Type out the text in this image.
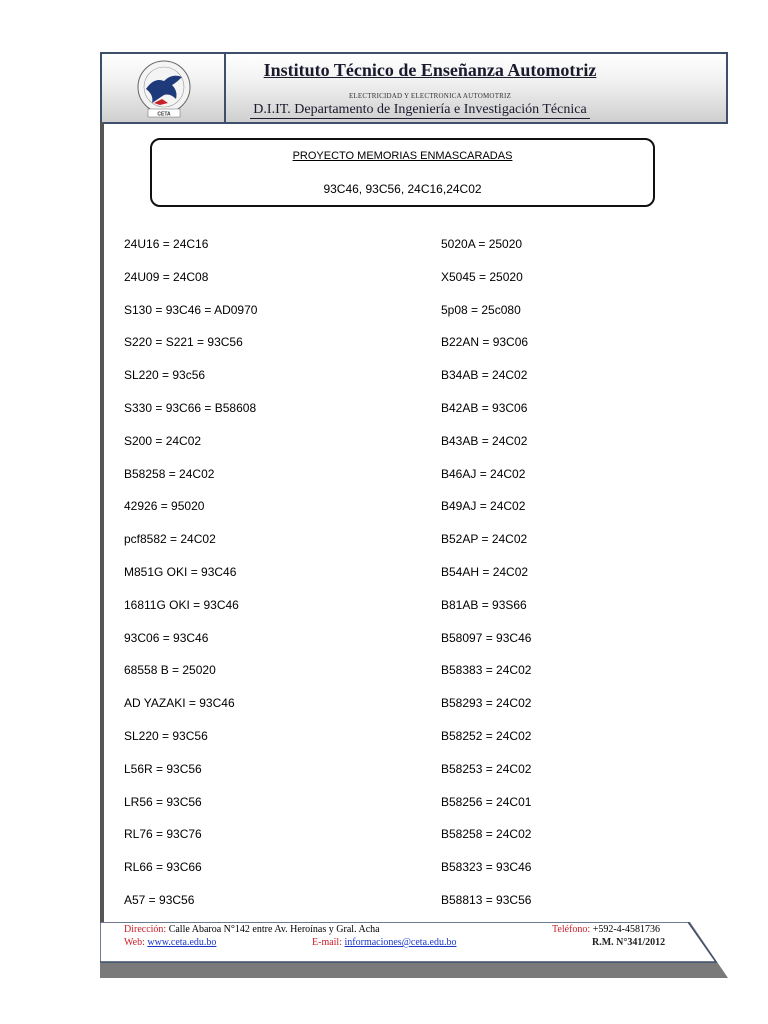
CETA
Instituto Técnico de Enseñanza Automotriz
ELECTRICIDAD Y ELECTRONICA AUTOMOTRIZ
D.I.IT. Departamento de Ingeniería e Investigación Técnica
PROYECTO MEMORIAS ENMASCARADAS
93C46, 93C56, 24C16,24C02
24U16 = 24C16
24U09 = 24C08
S130 = 93C46 = AD0970
S220 = S221 = 93C56
SL220 = 93c56
S330 = 93C66 = B58608
S200 = 24C02
B58258 = 24C02
42926 = 95020
pcf8582 = 24C02
M851G OKI = 93C46
16811G OKI = 93C46
93C06 = 93C46
68558 B = 25020
AD YAZAKI = 93C46
SL220 = 93C56
L56R = 93C56
LR56 = 93C56
RL76 = 93C76
RL66 = 93C66
A57 = 93C56
5020A = 25020
X5045 = 25020
5p08 = 25c080
B22AN = 93C06
B34AB = 24C02
B42AB = 93C06
B43AB = 24C02
B46AJ = 24C02
B49AJ = 24C02
B52AP = 24C02
B54AH = 24C02
B81AB = 93S66
B58097 = 93C46
B58383 = 24C02
B58293 = 24C02
B58252 = 24C02
B58253 = 24C02
B58256 = 24C01
B58258 = 24C02
B58323 = 93C46
B58813 = 93C56
Dirección: Calle Abaroa N°142 entre Av. Heroínas y Gral. Acha	Teléfono: +592-4-4581736
Web: www.ceta.edu.bo	E-mail: informaciones@ceta.edu.bo	R.M. N°341/2012
